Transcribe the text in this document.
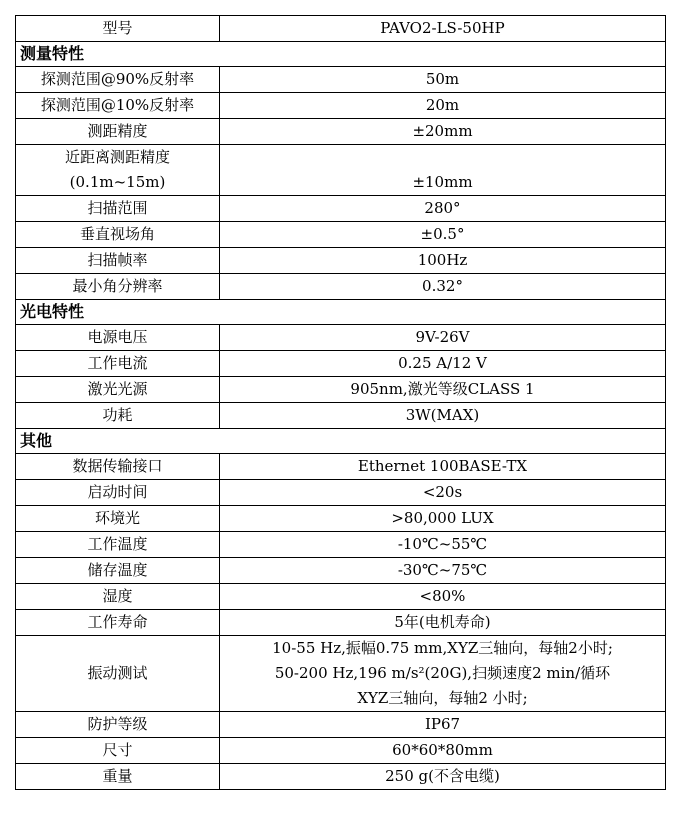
型号	PAVO2-LS-50HP
测量特性	
探测范围@90%反射率	50m
探测范围@10%反射率	20m
测距精度	±20mm

近距离测距精度
(0.1m~15m)	±10mm
扫描范围	280°
垂直视场角	±0.5°
扫描帧率	100Hz
最小角分辨率	0.32°
光电特性	
电源电压	9V-26V
工作电流	0.25 A/12 V
激光光源	905nm,激光等级CLASS 1
功耗	3W(MAX)
其他	
数据传输接口	Ethernet 100BASE-TX
启动时间	<20s
环境光	>80,000 LUX
工作温度	-10℃~55℃
储存温度	-30℃~75℃
湿度	<80%
工作寿命	5年(电机寿命)
振动测试	10-55 Hz,振幅0.75 mm,XYZ三轴向，每轴2小时;
50-200 Hz,196 m/s²(20G),扫频速度2 min/循环
XYZ三轴向，每轴2 小时;

防护等级	IP67
尺寸	60*60*80mm
重量	250 g(不含电缆)
